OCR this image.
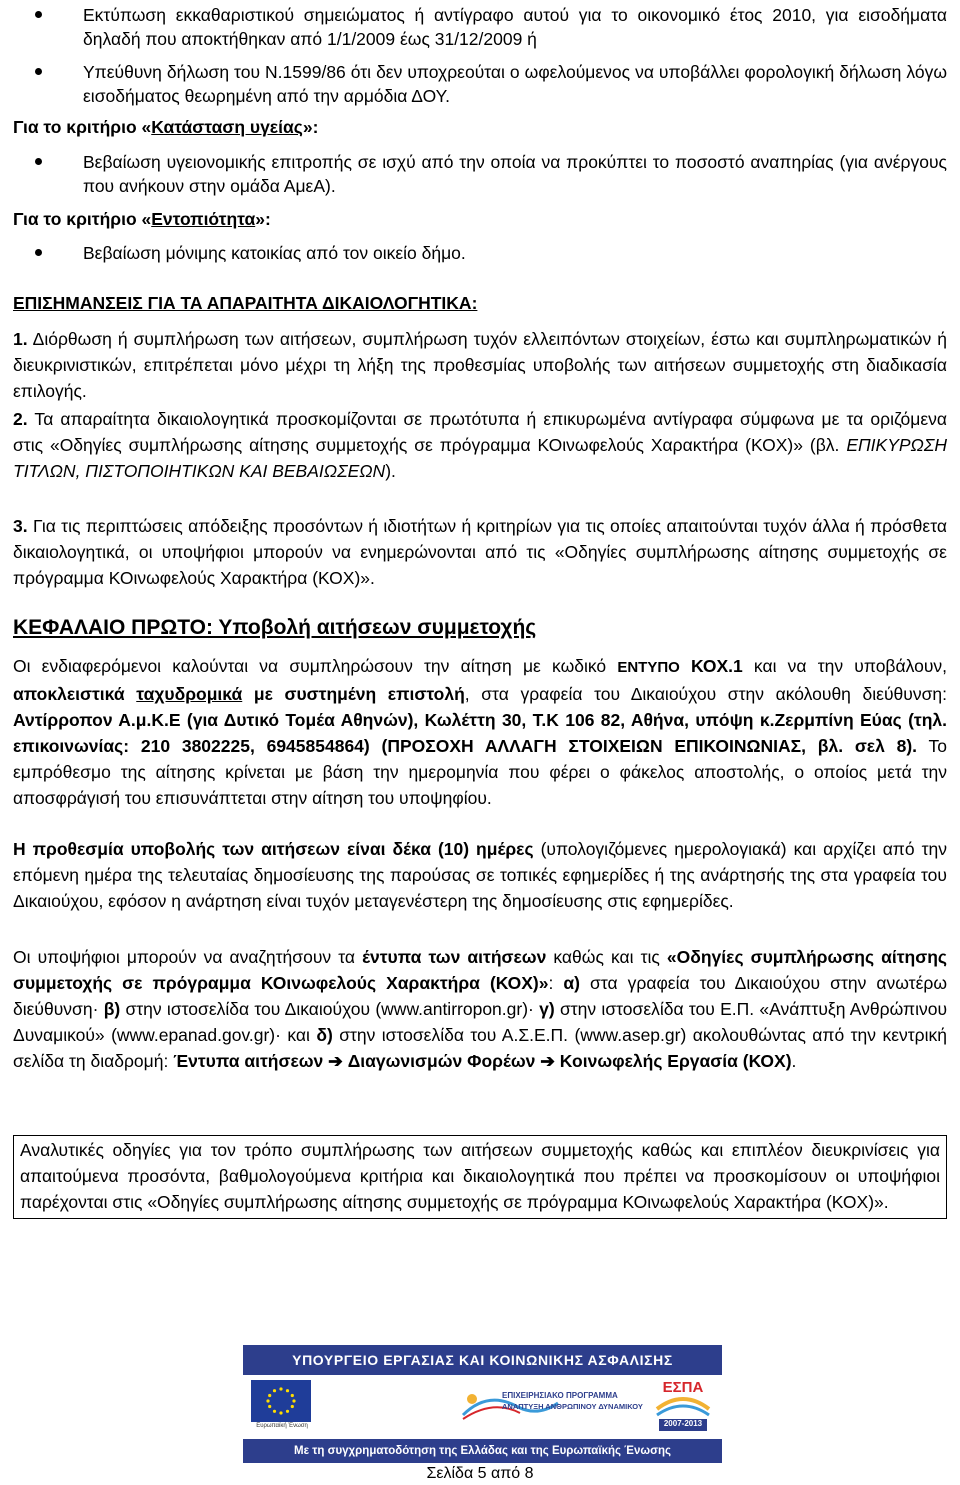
Εκτύπωση εκκαθαριστικού σημειώματος ή αντίγραφο αυτού για το οικονομικό έτος 2010, για εισοδήματα δηλαδή που αποκτήθηκαν από 1/1/2009 έως 31/12/2009 ή
Υπεύθυνη δήλωση του Ν.1599/86 ότι δεν υποχρεούται ο ωφελούμενος να υποβάλλει φορολογική δήλωση λόγω εισοδήματος θεωρημένη από την αρμόδια ΔΟΥ.
Για το κριτήριο «Κατάσταση υγείας»:
Βεβαίωση υγειονομικής επιτροπής σε ισχύ από την οποία να προκύπτει το ποσοστό αναπηρίας (για ανέργους που ανήκουν στην ομάδα ΑμεΑ).
Για το κριτήριο «Εντοπιότητα»:
Βεβαίωση μόνιμης κατοικίας από τον οικείο δήμο.
ΕΠΙΣΗΜΑΝΣΕΙΣ ΓΙΑ ΤΑ ΑΠΑΡΑΙΤΗΤΑ ΔΙΚΑΙΟΛΟΓΗΤΙΚΑ:
1. Διόρθωση ή συμπλήρωση των αιτήσεων, συμπλήρωση τυχόν ελλειπόντων στοιχείων, έστω και συμπληρωματικών ή διευκρινιστικών, επιτρέπεται μόνο μέχρι τη λήξη της προθεσμίας υποβολής των αιτήσεων συμμετοχής στη διαδικασία επιλογής.
2. Τα απαραίτητα δικαιολογητικά προσκομίζονται σε πρωτότυπα ή επικυρωμένα αντίγραφα σύμφωνα με τα οριζόμενα στις «Οδηγίες συμπλήρωσης αίτησης συμμετοχής σε πρόγραμμα ΚΟινωφελούς Χαρακτήρα (ΚΟΧ)» (βλ. ΕΠΙΚΥΡΩΣΗ ΤΙΤΛΩΝ, ΠΙΣΤΟΠΟΙΗΤΙΚΩΝ ΚΑΙ ΒΕΒΑΙΩΣΕΩΝ).
3. Για τις περιπτώσεις απόδειξης προσόντων ή ιδιοτήτων ή κριτηρίων για τις οποίες απαιτούνται τυχόν άλλα ή πρόσθετα δικαιολογητικά, οι υποψήφιοι μπορούν να ενημερώνονται από τις «Οδηγίες συμπλήρωσης αίτησης συμμετοχής σε πρόγραμμα ΚΟινωφελούς Χαρακτήρα (ΚΟΧ)».
ΚΕΦΑΛΑΙΟ ΠΡΩΤΟ: Υποβολή αιτήσεων συμμετοχής
Οι ενδιαφερόμενοι καλούνται να συμπληρώσουν την αίτηση με κωδικό ΕΝΤΥΠΟ ΚΟΧ.1 και να την υποβάλουν, αποκλειστικά ταχυδρομικά με συστημένη επιστολή, στα γραφεία του Δικαιούχου στην ακόλουθη διεύθυνση: Αντίρροπον Α.μ.Κ.Ε (για Δυτικό Τομέα Αθηνών), Κωλέττη 30, Τ.Κ 106 82, Αθήνα, υπόψη κ.Ζερμπίνη Εύας (τηλ. επικοινωνίας: 210 3802225, 6945854864) (ΠΡΟΣΟΧΗ ΑΛΛΑΓΗ ΣΤΟΙΧΕΙΩΝ ΕΠΙΚΟΙΝΩΝΙΑΣ, βλ. σελ 8). Το εμπρόθεσμο της αίτησης κρίνεται με βάση την ημερομηνία που φέρει ο φάκελος αποστολής, ο οποίος μετά την αποσφράγισή του επισυνάπτεται στην αίτηση του υποψηφίου.
Η προθεσμία υποβολής των αιτήσεων είναι δέκα (10) ημέρες (υπολογιζόμενες ημερολογιακά) και αρχίζει από την επόμενη ημέρα της τελευταίας δημοσίευσης της παρούσας σε τοπικές εφημερίδες ή της ανάρτησής της στα γραφεία του Δικαιούχου, εφόσον η ανάρτηση είναι τυχόν μεταγενέστερη της δημοσίευσης στις εφημερίδες.
Οι υποψήφιοι μπορούν να αναζητήσουν τα έντυπα των αιτήσεων καθώς και τις «Οδηγίες συμπλήρωσης αίτησης συμμετοχής σε πρόγραμμα ΚΟινωφελούς Χαρακτήρα (ΚΟΧ)»: α) στα γραφεία του Δικαιούχου στην ανωτέρω διεύθυνση· β) στην ιστοσελίδα του Δικαιούχου (www.antirropon.gr)· γ) στην ιστοσελίδα του Ε.Π. «Ανάπτυξη Ανθρώπινου Δυναμικού» (www.epanad.gov.gr)· και δ) στην ιστοσελίδα του Α.Σ.Ε.Π. (www.asep.gr) ακολουθώντας από την κεντρική σελίδα τη διαδρομή: Έντυπα αιτήσεων ➔ Διαγωνισμών Φορέων ➔ Κοινωφελής Εργασία (ΚΟΧ).
Αναλυτικές οδηγίες για τον τρόπο συμπλήρωσης των αιτήσεων συμμετοχής καθώς και επιπλέον διευκρινίσεις για απαιτούμενα προσόντα, βαθμολογούμενα κριτήρια και δικαιολογητικά που πρέπει να προσκομίσουν οι υποψήφιοι παρέχονται στις «Οδηγίες συμπλήρωσης αίτησης συμμετοχής σε πρόγραμμα ΚΟινωφελούς Χαρακτήρα (ΚΟΧ)».
ΥΠΟΥΡΓΕΙΟ ΕΡΓΑΣΙΑΣ ΚΑΙ ΚΟΙΝΩΝΙΚΗΣ ΑΣΦΑΛΙΣΗΣ
Ευρωπαϊκή Ένωση
ΕΠΙΧΕΙΡΗΣΙΑΚΟ ΠΡΟΓΡΑΜΜΑ
ΑΝΑΠΤΥΞΗ ΑΝΘΡΩΠΙΝΟΥ ΔΥΝΑΜΙΚΟΥ
ΕΣΠΑ
2007-2013
Με τη συγχρηματοδότηση της Ελλάδας και της Ευρωπαϊκής Ένωσης
Σελίδα 5 από 8
